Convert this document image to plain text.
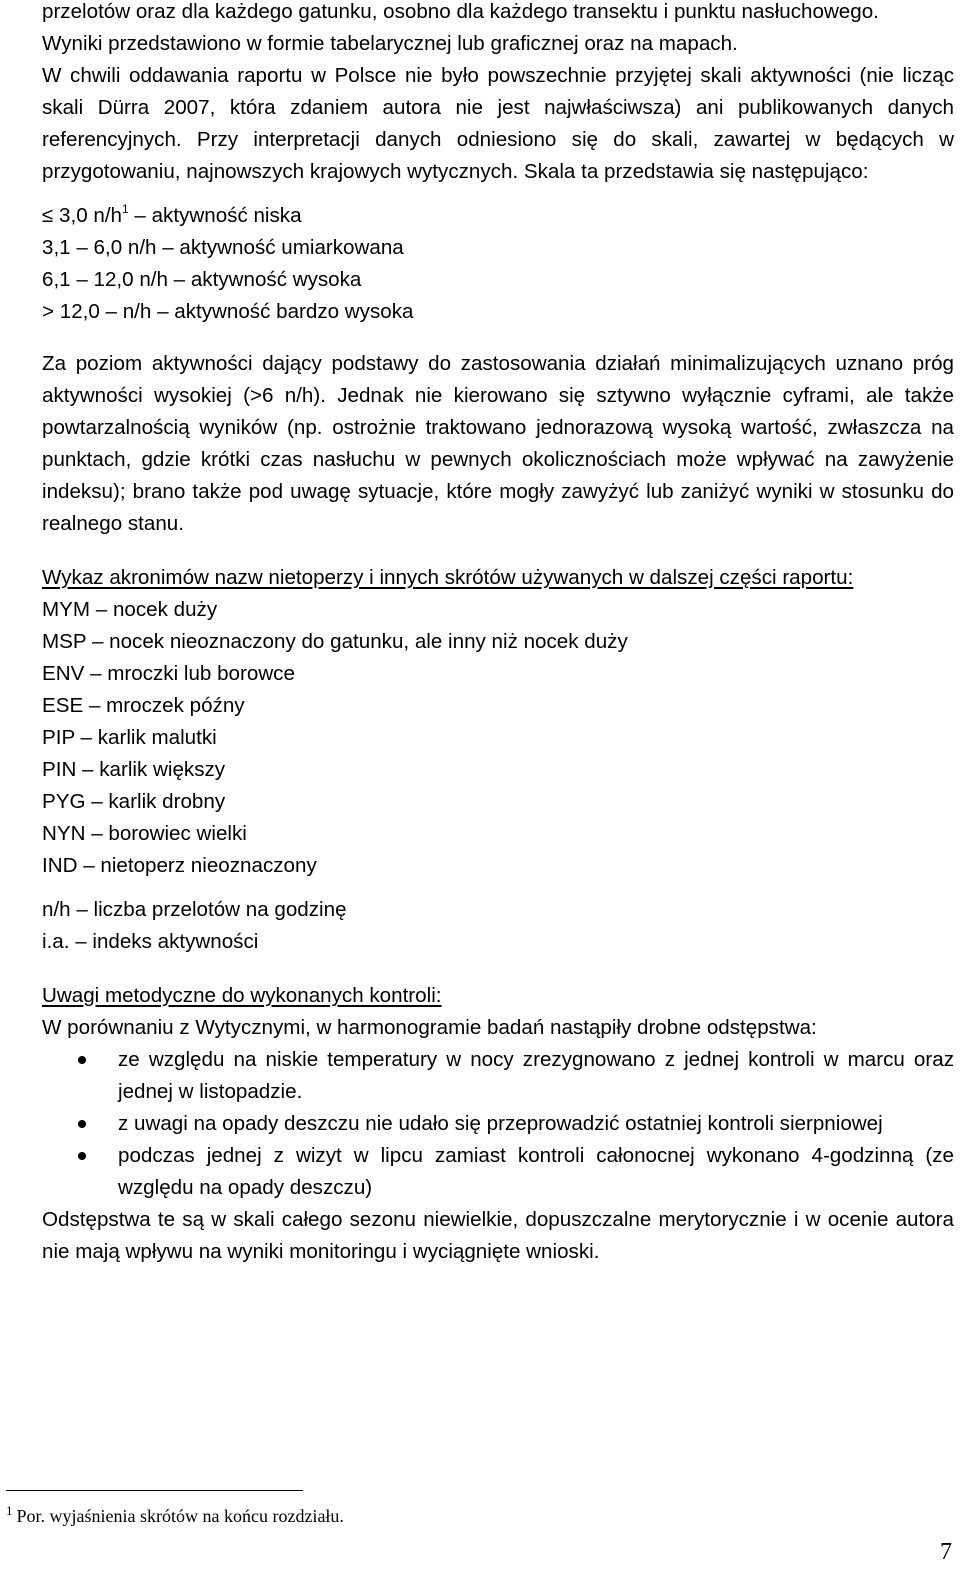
przelotów oraz dla każdego gatunku, osobno dla każdego transektu i punktu nasłuchowego.

Wyniki przedstawiono w formie tabelarycznej lub graficznej oraz na mapach.

W chwili oddawania raportu w Polsce nie było powszechnie przyjętej skali aktywności (nie licząc skali Dürra 2007, która zdaniem autora nie jest najwłaściwsza) ani publikowanych danych referencyjnych. Przy interpretacji danych odniesiono się do skali, zawartej w będących w przygotowaniu, najnowszych krajowych wytycznych. Skala ta przedstawia się następująco:

≤ 3,0 $n/h^1$ – aktywność niska

3,1 – 6,0 n/h – aktywność umiarkowana

6,1 – 12,0 n/h – aktywność wysoka

> 12,0 – n/h – aktywność bardzo wysoka

Za poziom aktywności dający podstawy do zastosowania działań minimalizujących uznano próg aktywności wysokiej (>6 n/h). Jednak nie kierowano się sztywno wyłącznie cyframi, ale także powtarzalnością wyników (np. ostrożnie traktowano jednorazową wysoką wartość, zwłaszcza na punktach, gdzie krótki czas nasłuchu w pewnych okolicznościach może wpływać na zawyżenie indeksu); brano także pod uwagę sytuacje, które mogły zawyżyć lub zaniżyć wyniki w stosunku do realnego stanu.

Wykaz akronimów nazw nietoperzy i innych skrótów używanych w dalszej części raportu:

MYM – nocek duży

MSP – nocek nieoznaczony do gatunku, ale inny niż nocek duży

ENV – mroczki lub borowce

ESE – mroczek późny

PIP – karlik malutki

PIN – karlik większy

PYG – karlik drobny

NYN – borowiec wielki

IND – nietoperz nieoznaczony

n/h – liczba przelotów na godzinę

i.a. – indeks aktywności

Uwagi metodyczne do wykonanych kontroli:

W porównaniu z Wytycznymi, w harmonogramie badań nastąpiły drobne odstępstwa:

ze względu na niskie temperatury w nocy zrezygnowano z jednej kontroli w marcu oraz jednej w listopadzie.
z uwagi na opady deszczu nie udało się przeprowadzić ostatniej kontroli sierpniowej
podczas jednej z wizyt w lipcu zamiast kontroli całonocnej wykonano 4-godzinną (ze względu na opady deszczu)

Odstępstwa te są w skali całego sezonu niewielkie, dopuszczalne merytorycznie i w ocenie autora nie mają wpływu na wyniki monitoringu i wyciągnięte wnioski.

$^1$ Por. wyjaśnienia skrótów na końcu rozdziału.
7
